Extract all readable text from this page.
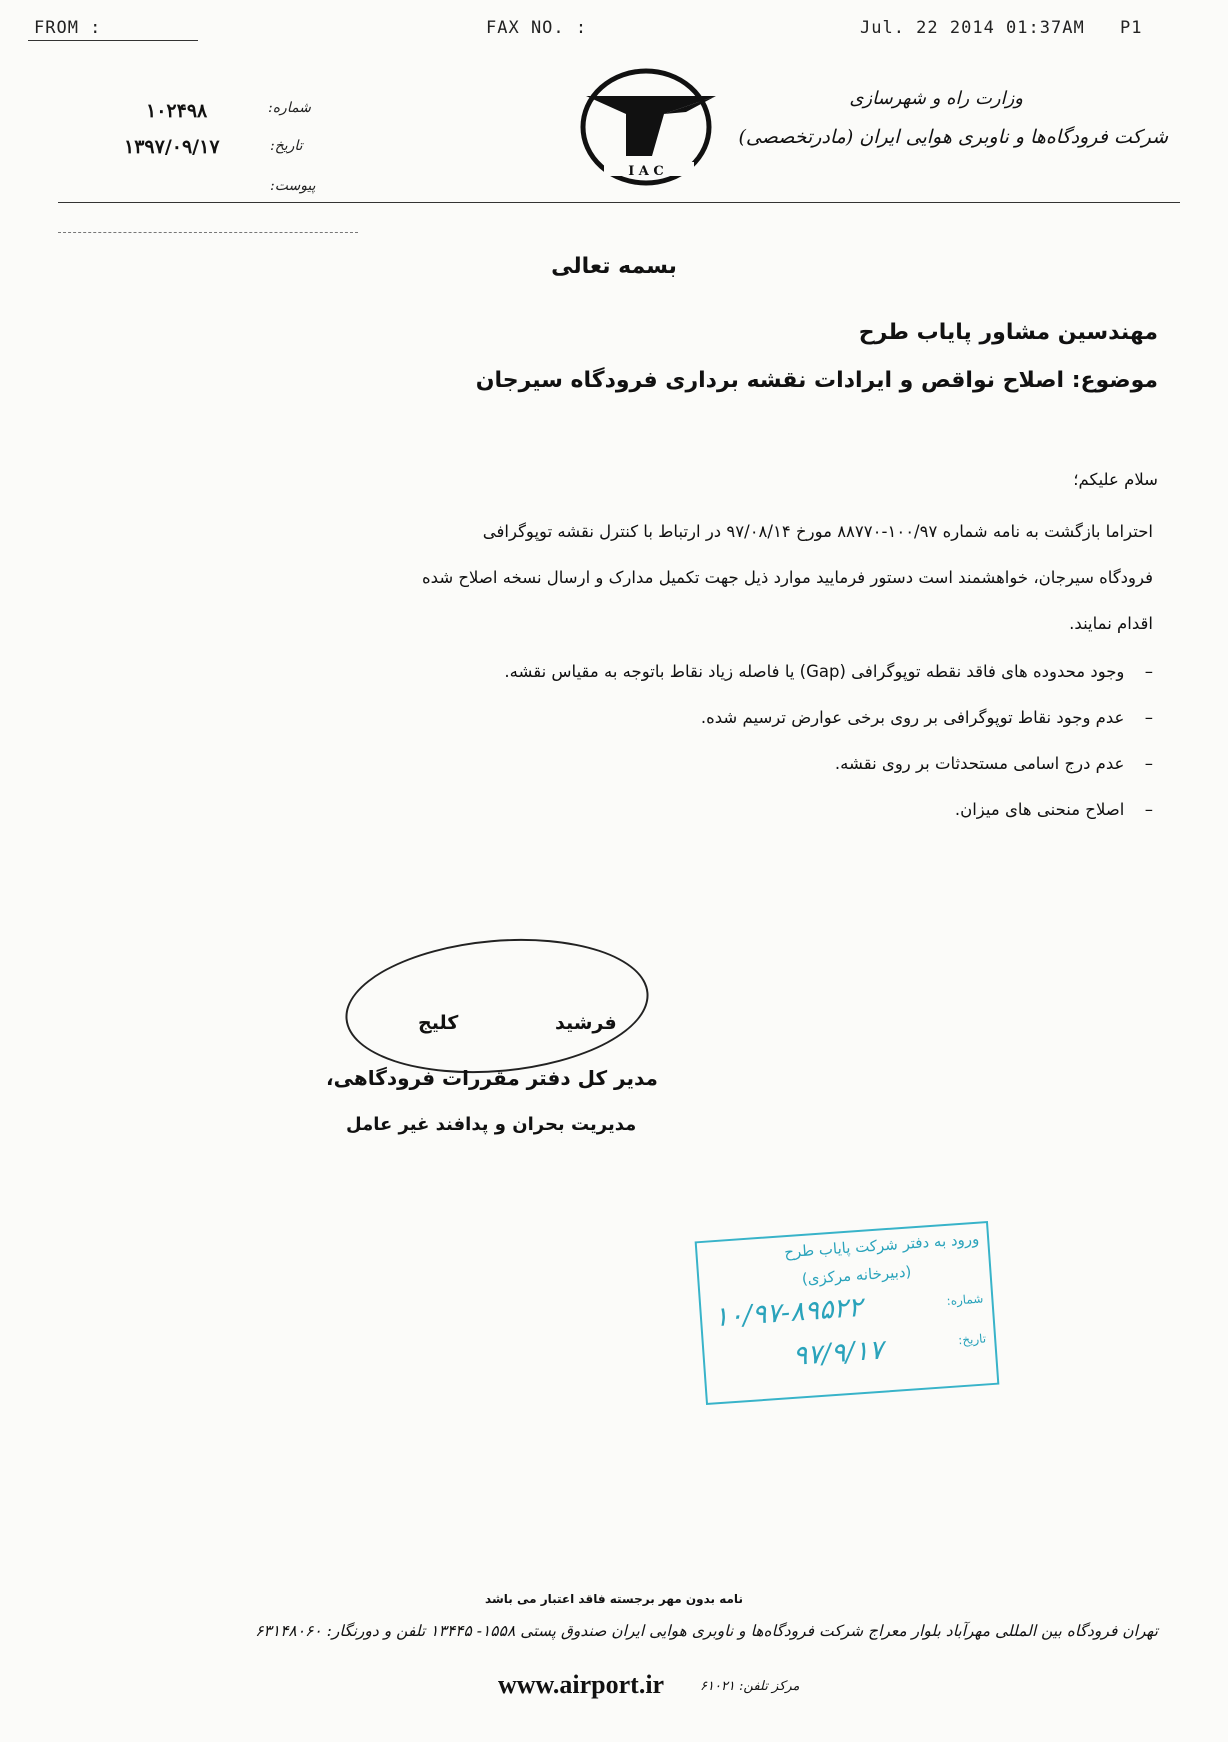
FROM :	FAX NO. :	Jul. 22 2014 01:37AM P1
۱۰۲۴۹۸	شماره:
۱۳۹۷/۰۹/۱۷	تاریخ:
پیوست:
I A C
وزارت راه و شهرسازی
شرکت فرودگاه‌ها و ناوبری هوایی ایران (مادرتخصصی)
بسمه تعالی
مهندسین مشاور پایاب طرح
موضوع: اصلاح نواقص و ایرادات نقشه برداری فرودگاه سیرجان
سلام علیکم؛
احتراما بازگشت به نامه شماره ۱۰۰/۹۷-۸۸۷۷۰ مورخ ۹۷/۰۸/۱۴ در ارتباط با کنترل نقشه توپوگرافی
فرودگاه سیرجان، خواهشمند است دستور فرمایید موارد ذیل جهت تکمیل مدارک و ارسال نسخه اصلاح شده
اقدام نمایند.
–    وجود محدوده های فاقد نقطه توپوگرافی (Gap) یا فاصله زیاد نقاط باتوجه به مقیاس نقشه.
–    عدم وجود نقاط توپوگرافی بر روی برخی عوارض ترسیم شده.
–    عدم درج اسامی مستحدثات بر روی نقشه.
–    اصلاح منحنی های میزان.
فرشید
کلیج
مدیر کل دفتر مقررات فرودگاهی،
مدیریت بحران و پدافند غیر عامل
ورود به دفتر شرکت پایاب طرح
(دبیرخانه مرکزی)
شماره:
۱۰/۹۷-۸۹۵۲۲
تاریخ:
۹۷/۹/۱۷
نامه بدون مهر برجسته فاقد اعتبار می باشد
تهران فرودگاه بین المللی مهرآباد بلوار معراج شرکت فرودگاه‌ها و ناوبری هوایی ایران صندوق پستی ۱۵۵۸- ۱۳۴۴۵ تلفن و دورنگار: ۶۳۱۴۸۰۶۰
www.airport.ir	مرکز تلفن: ۶۱۰۲۱
